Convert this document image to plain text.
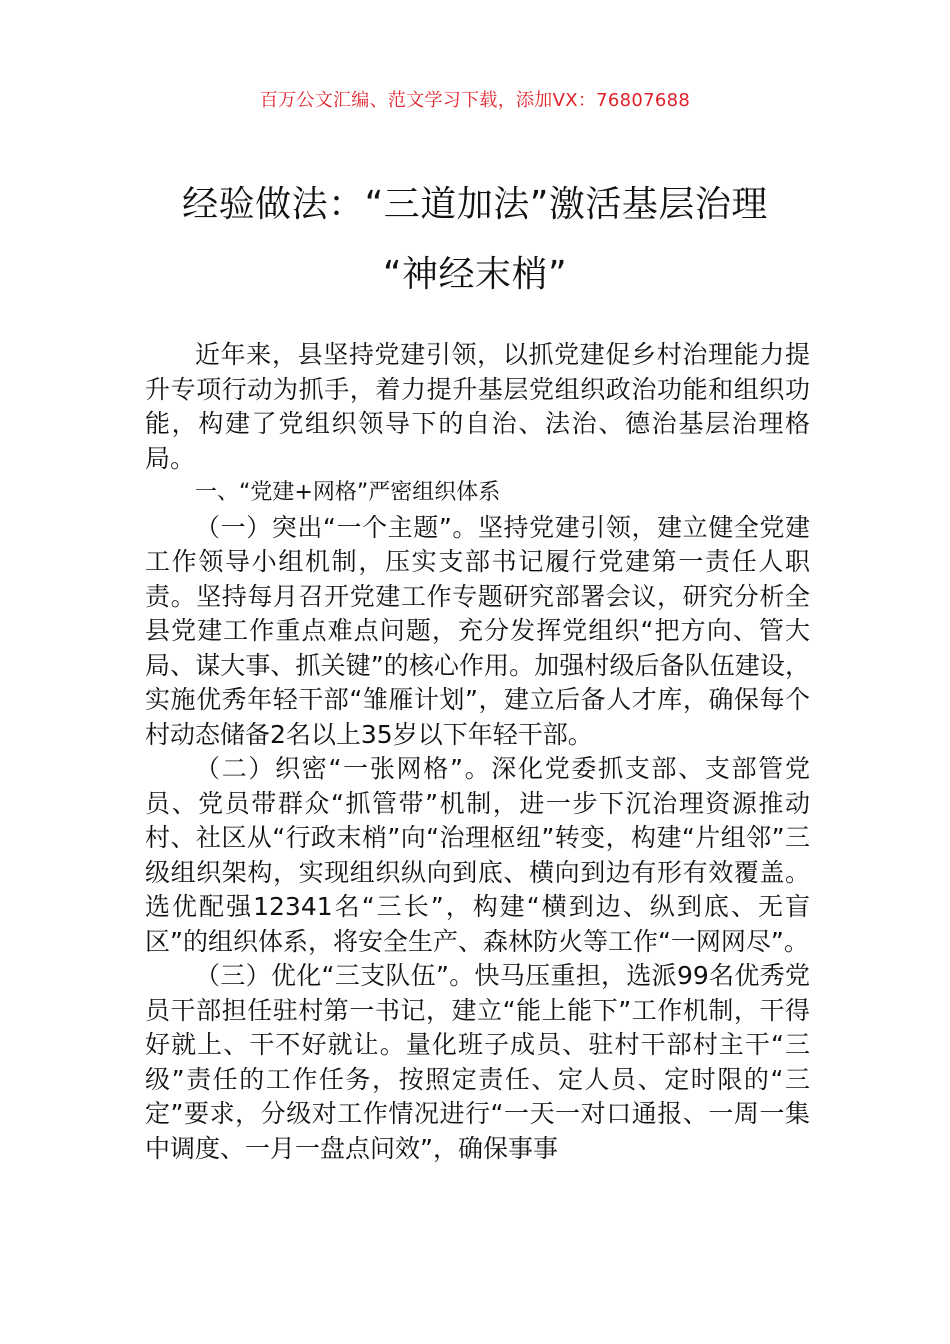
百万公文汇编、范文学习下载，添加VX：76807688
经验做法：“三道加法”激活基层治理
“神经末梢”

近年来，县坚持党建引领，以抓党建促乡村治理能力提升专项行动为抓手，着力提升基层党组织政治功能和组织功能，构建了党组织领导下的自治、法治、德治基层治理格局。

一、“党建+网格”严密组织体系

（一）突出“一个主题”。坚持党建引领，建立健全党建工作领导小组机制，压实支部书记履行党建第一责任人职责。坚持每月召开党建工作专题研究部署会议，研究分析全县党建工作重点难点问题，充分发挥党组织“把方向、管大局、谋大事、抓关键”的核心作用。加强村级后备队伍建设，实施优秀年轻干部“雏雁计划”，建立后备人才库，确保每个村动态储备2名以上35岁以下年轻干部。

（二）织密“一张网格”。深化党委抓支部、支部管党员、党员带群众“抓管带”机制，进一步下沉治理资源推动村、社区从“行政末梢”向“治理枢纽”转变，构建“片组邻”三级组织架构，实现组织纵向到底、横向到边有形有效覆盖。选优配强12341名“三长”，构建“横到边、纵到底、无盲区”的组织体系，将安全生产、森林防火等工作“一网网尽”。

（三）优化“三支队伍”。快马压重担，选派99名优秀党员干部担任驻村第一书记，建立“能上能下”工作机制，干得好就上、干不好就让。量化班子成员、驻村干部村主干“三级”责任的工作任务，按照定责任、定人员、定时限的“三定”要求，分级对工作情况进行“一天一对口通报、一周一集中调度、一月一盘点问效”，确保事事
